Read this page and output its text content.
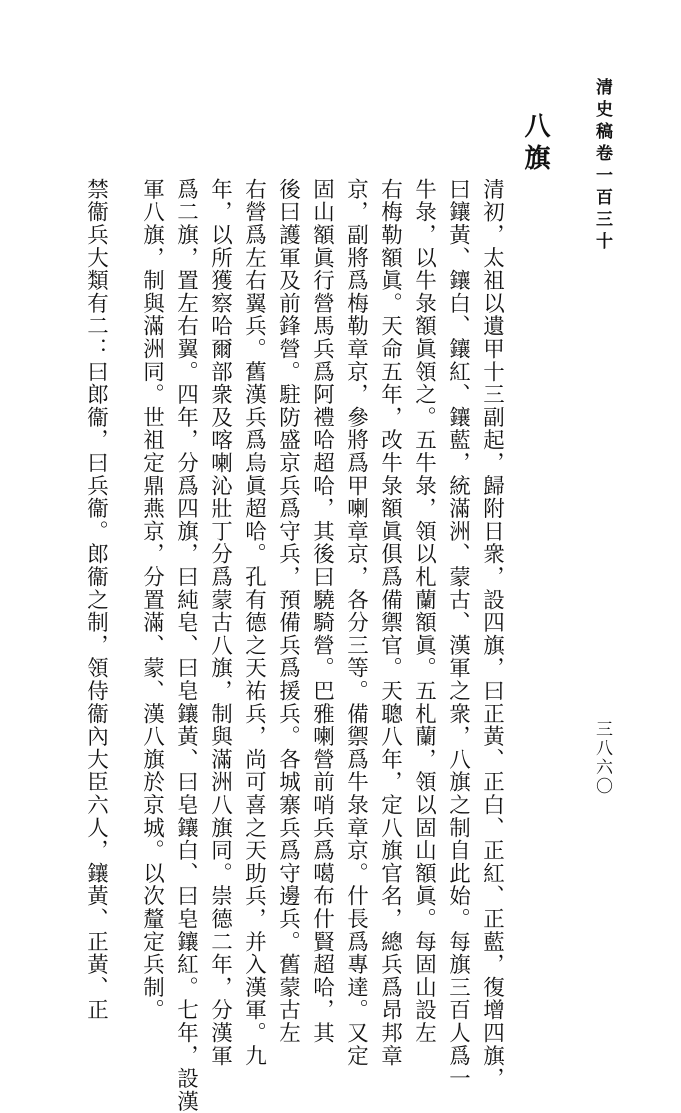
清史稿卷一百三十
三八六〇
八旗
清初，太祖以遺甲十三副起，歸附日衆，設四旗，曰正黃、正白、正紅、正藍，復增四旗，
曰鑲黃、鑲白、鑲紅、鑲藍，統滿洲、蒙古、漢軍之衆，八旗之制自此始。每旗三百人爲一
牛彔，以牛彔額眞領之。五牛彔，領以札蘭額眞。五札蘭，領以固山額眞。每固山設左
右梅勒額眞。天命五年，改牛彔額眞俱爲備禦官。天聰八年，定八旗官名，總兵爲昂邦章
京，副將爲梅勒章京，參將爲甲喇章京，各分三等。備禦爲牛彔章京。什長爲專達。又定
固山額眞行營馬兵爲阿禮哈超哈，其後曰驍騎營。巴雅喇營前哨兵爲噶布什賢超哈，其
後曰護軍及前鋒營。駐防盛京兵爲守兵，預備兵爲援兵。各城寨兵爲守邊兵。舊蒙古左
右營爲左右翼兵。舊漢兵爲烏眞超哈。孔有德之天祐兵，尚可喜之天助兵，并入漢軍。九
年，以所獲察哈爾部衆及喀喇沁壯丁分爲蒙古八旗，制與滿洲八旗同。崇德二年，分漢軍
爲二旗，置左右翼。四年，分爲四旗，曰純皂、曰皂鑲黃、曰皂鑲白、曰皂鑲紅。七年，設漢
軍八旗，制與滿洲同。世祖定鼎燕京，分置滿、蒙、漢八旗於京城。以次釐定兵制。
禁衞兵大類有二：曰郎衞，曰兵衞。郎衞之制，領侍衞內大臣六人，鑲黃、正黃、正
